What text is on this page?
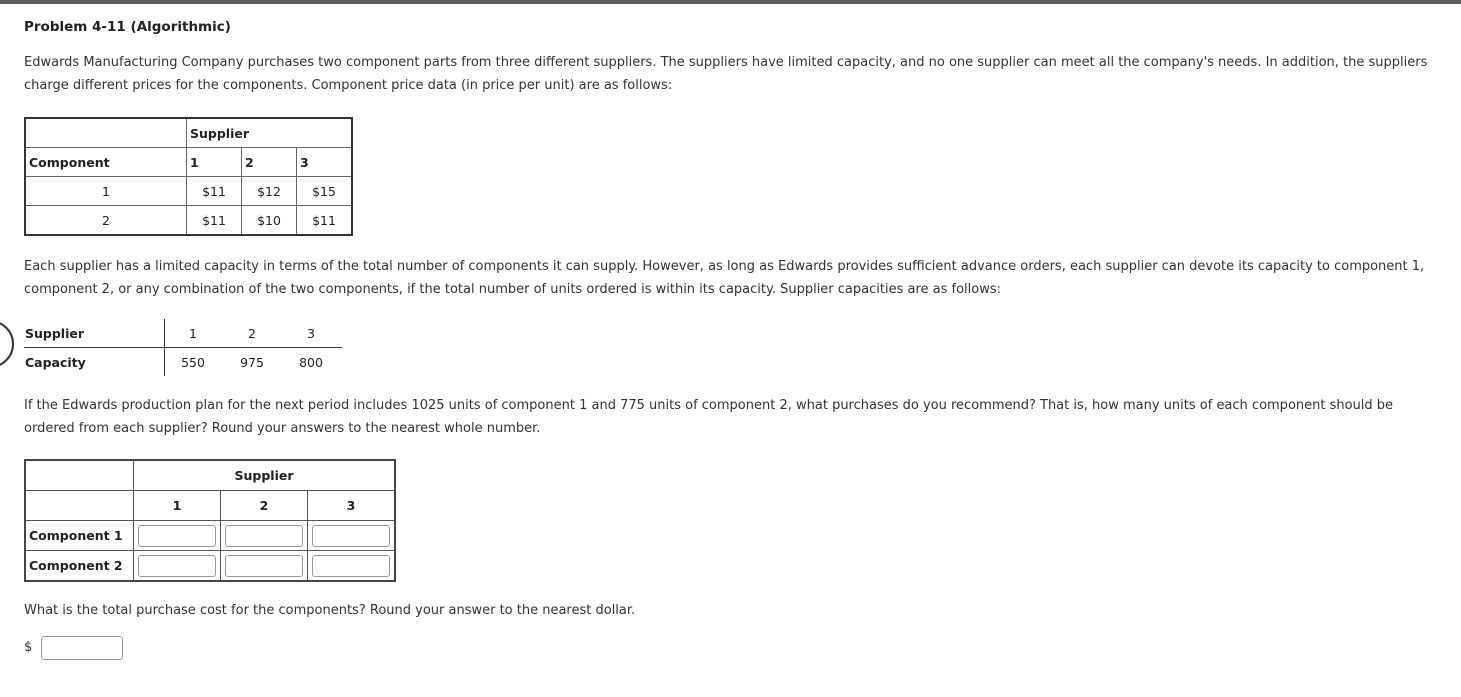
Problem 4-11 (Algorithmic)
Edwards Manufacturing Company purchases two component parts from three different suppliers. The suppliers have limited capacity, and no one supplier can meet all the company's needs. In addition, the suppliers
charge different prices for the components. Component price data (in price per unit) are as follows:
	Supplier		
Component	1	2	3
1	$11	$12	$15
2	$11	$10	$11
Each supplier has a limited capacity in terms of the total number of components it can supply. However, as long as Edwards provides sufficient advance orders, each supplier can devote its capacity to component 1,
component 2, or any combination of the two components, if the total number of units ordered is within its capacity. Supplier capacities are as follows:
Supplier	1	2	3
Capacity	550	975	800
If the Edwards production plan for the next period includes 1025 units of component 1 and 775 units of component 2, what purchases do you recommend? That is, how many units of each component should be
ordered from each supplier? Round your answers to the nearest whole number.
	Supplier		
	1	2	3
Component 1	

Component 2	

What is the total purchase cost for the components? Round your answer to the nearest dollar.
$
